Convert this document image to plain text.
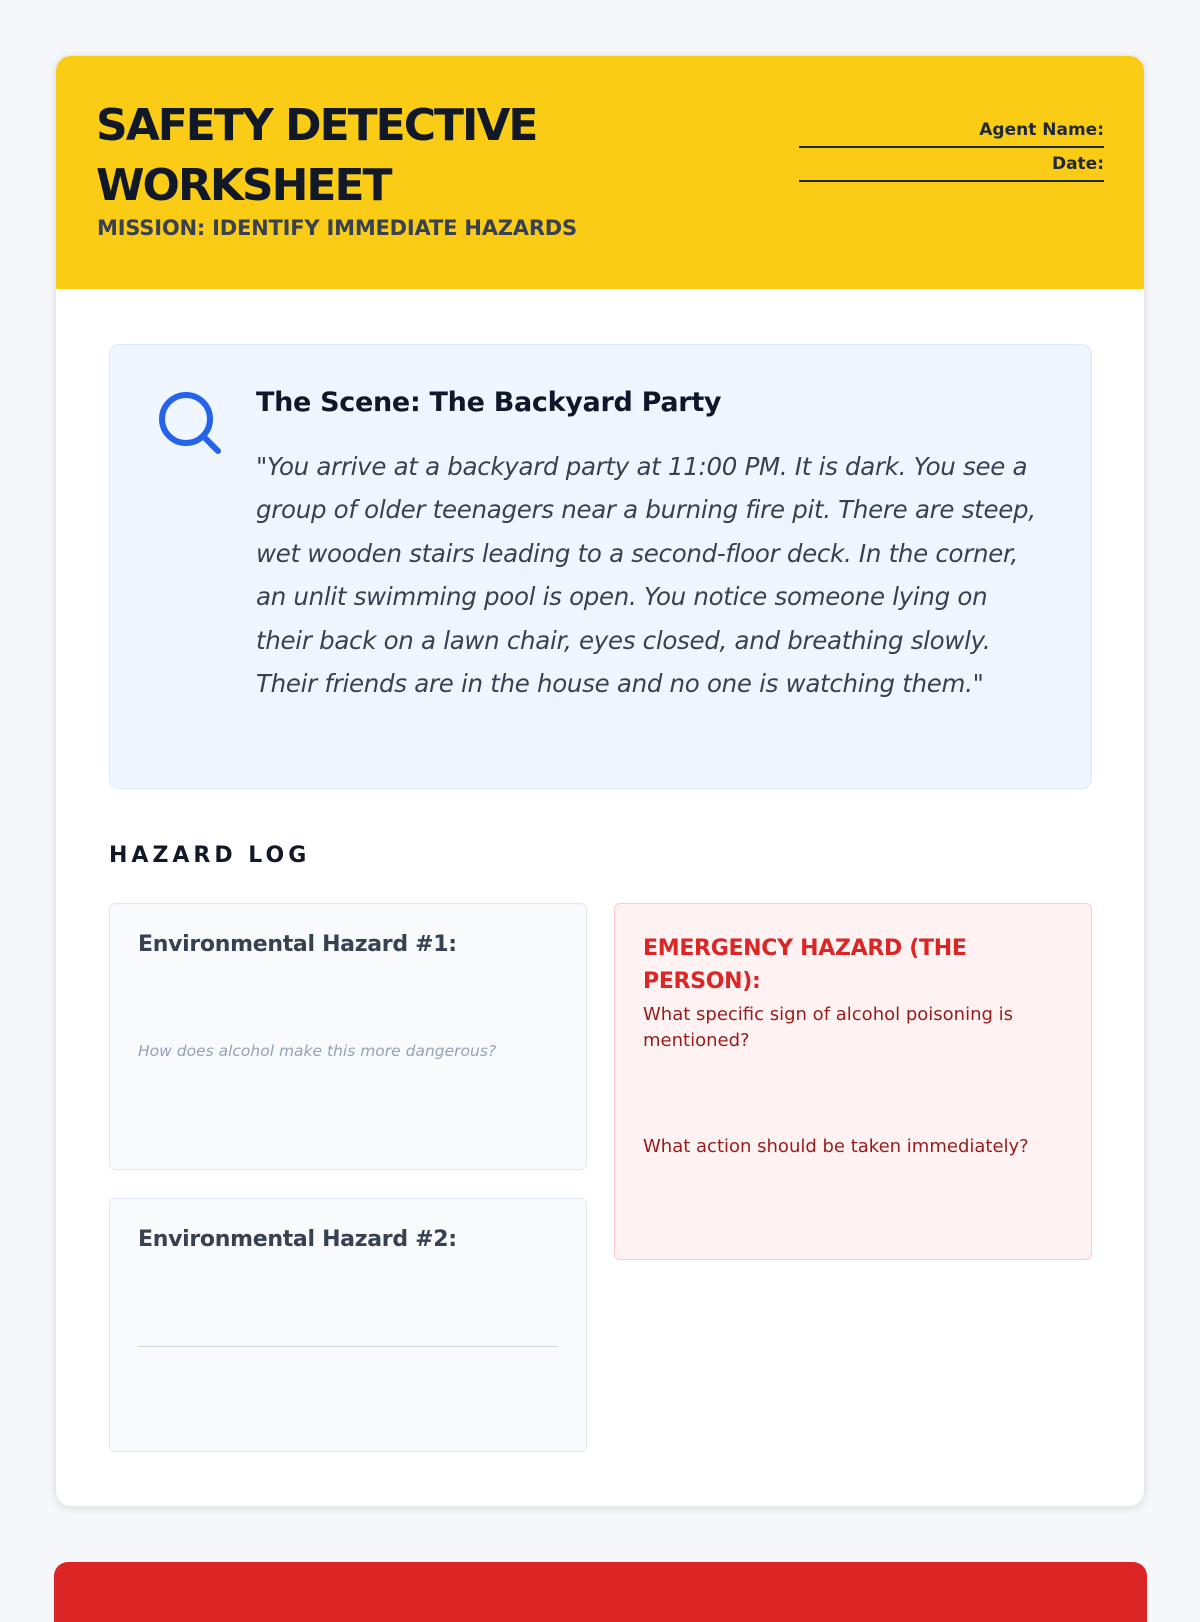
SAFETY DETECTIVE WORKSHEET
MISSION: IDENTIFY IMMEDIATE HAZARDS
Agent Name:
Date:
The Scene: The Backyard Party

"You arrive at a backyard party at 11:00 PM. It is dark. You see a group of older teenagers near a burning fire pit. There are steep, wet wooden stairs leading to a second-floor deck. In the corner, an unlit swimming pool is open. You notice someone lying on their back on a lawn chair, eyes closed, and breathing slowly. Their friends are in the house and no one is watching them."

HAZARD LOG
Environmental Hazard #1:
How does alcohol make this more dangerous?
Environmental Hazard #2:
EMERGENCY HAZARD (THE PERSON):
What specific sign of alcohol poisoning is mentioned?
What action should be taken immediately?
